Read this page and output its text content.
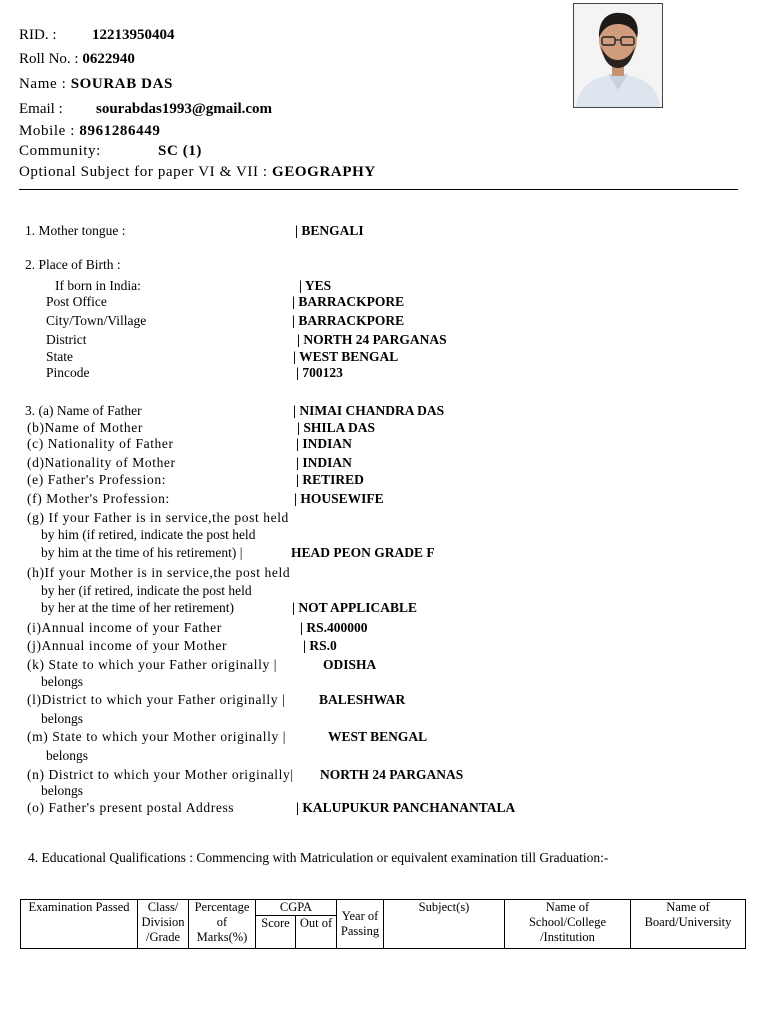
RID. : 12213950404
Roll No. : 0622940
Name : SOURAB DAS
Email : sourabdas1993@gmail.com
Mobile : 8961286449
Community:	SC (1)
Optional Subject for paper VI & VII : GEOGRAPHY
1. Mother tongue :	| BENGALI
2. Place of Birth :
If born in India:	| YES
Post Office	| BARRACKPORE
City/Town/Village	| BARRACKPORE
District	| NORTH 24 PARGANAS
State	| WEST BENGAL
Pincode	| 700123
3. (a) Name of Father	| NIMAI CHANDRA DAS
(b)Name of Mother	| SHILA DAS
(c) Nationality of Father	| INDIAN
(d)Nationality of Mother	| INDIAN
(e) Father's Profession:	| RETIRED
(f) Mother's Profession:	| HOUSEWIFE
(g) If your Father is in service,the post held
by him (if retired, indicate the post held
by him at the time of his retirement) |	HEAD PEON GRADE F
(h)If your Mother is in service,the post held
by her (if retired, indicate the post held
by her at the time of her retirement)	| NOT APPLICABLE
(i)Annual income of your Father	| RS.400000
(j)Annual income of your Mother	| RS.0
(k) State to which your Father originally |	ODISHA
belongs
(l)District to which your Father originally | BALESHWAR
belongs
(m) State to which your Mother originally |	WEST BENGAL
belongs
(n) District to which your Mother originally| NORTH 24 PARGANAS
belongs
(o) Father's present postal Address	| KALUPUKUR PANCHANANTALA
4. Educational Qualifications : Commencing with Matriculation or equivalent examination till Graduation:-
Examination Passed	Class/ Division /Grade	Percentage of Marks(%)	CGPA		Year of Passing	Subject(s)	Name of School/College /Institution	Name of Board/University
			Score	Out of				
